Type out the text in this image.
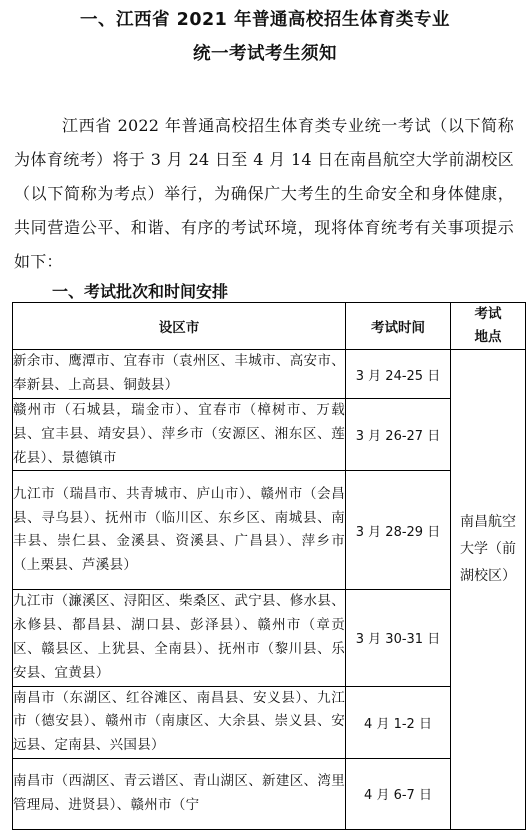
一、江西省 2021 年普通高校招生体育类专业
统一考试考生须知

江西省 2022 年普通高校招生体育类专业统一考试（以下简称为体育统考）将于 3 月 24 日至 4 月 14 日在南昌航空大学前湖校区（以下简称为考点）举行，为确保广大考生的生命安全和身体健康，共同营造公平、和谐、有序的考试环境，现将体育统考有关事项提示如下：

一、考试批次和时间安排
设区市	考试时间	考试地点
新余市、鹰潭市、宜春市（袁州区、丰城市、高安市、奉新县、上高县、铜鼓县）	3 月 24-25 日	南昌航空大学（前湖校区）
赣州市（石城县，瑞金市）、宜春市（樟树市、万载县、宜丰县、靖安县）、萍乡市（安源区、湘东区、莲花县）、景德镇市	3 月 26-27 日	
九江市（瑞昌市、共青城市、庐山市）、赣州市（会昌县、寻乌县）、抚州市（临川区、东乡区、南城县、南丰县、崇仁县、金溪县、资溪县、广昌县）、萍乡市（上栗县、芦溪县）	3 月 28-29 日	
九江市（濂溪区、浔阳区、柴桑区、武宁县、修水县、永修县、都昌县、湖口县、彭泽县）、赣州市（章贡区、赣县区、上犹县、全南县）、抚州市（黎川县、乐安县、宜黄县）	3 月 30-31 日	
南昌市（东湖区、红谷滩区、南昌县、安义县）、九江市（德安县）、赣州市（南康区、大余县、崇义县、安远县、定南县、兴国县）	4 月 1-2 日	
南昌市（西湖区、青云谱区、青山湖区、新建区、湾里管理局、进贤县）、赣州市（宁	4 月 6-7 日	
